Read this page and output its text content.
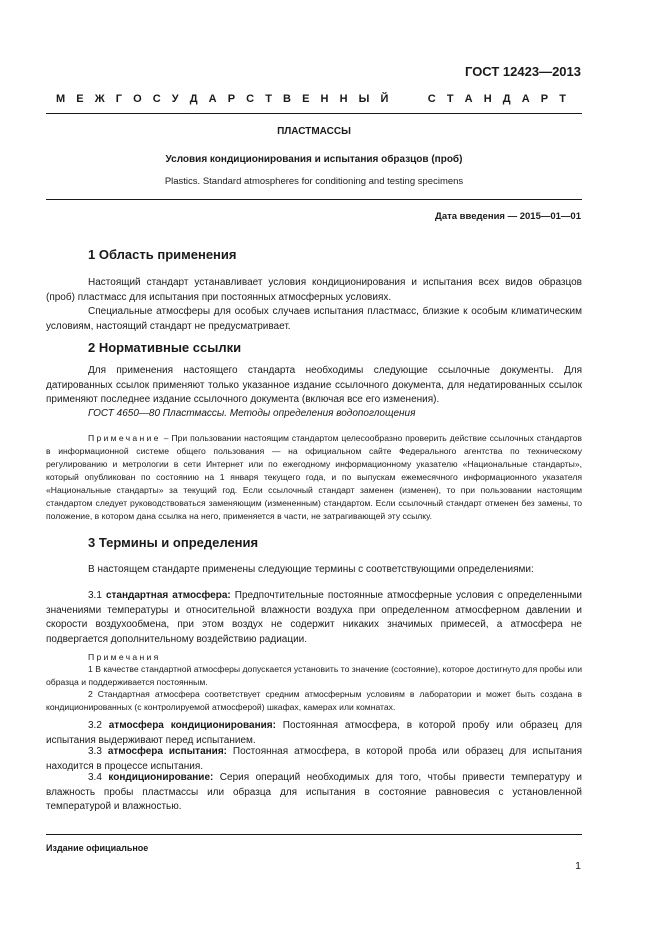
ГОСТ 12423—2013
М Е Ж Г О С У Д А Р С Т В Е Н Н Ы Й

	С Т А Н Д А Р Т
ПЛАСТМАССЫ
Условия кондиционирования и испытания образцов (проб)
Plastics. Standard atmospheres for conditioning and testing specimens
Дата введения — 2015—01—01
1 Область применения
Настоящий стандарт устанавливает условия кондиционирования и испытания всех видов образцов (проб) пластмасс для испытания при постоянных атмосферных условиях.
Специальные атмосферы для особых случаев испытания пластмасс, близкие к особым климатическим условиям, настоящий стандарт не предусматривает.
2 Нормативные ссылки
Для применения настоящего стандарта необходимы следующие ссылочные документы. Для датированных ссылок применяют только указанное издание ссылочного документа, для недатированных ссылок применяют последнее издание ссылочного документа (включая все его изменения).
ГОСТ 4650—80 Пластмассы. Методы определения водопоглощения
Примечание – При пользовании настоящим стандартом целесообразно проверить действие ссылочных стандартов в информационной системе общего пользования — на официальном сайте Федерального агентства по техническому регулированию и метрологии в сети Интернет или по ежегодному информационному указателю «Национальные стандарты», который опубликован по состоянию на 1 января текущего года, и по выпускам ежемесячного информационного указателя «Национальные стандарты» за текущий год. Если ссылочный стандарт заменен (изменен), то при пользовании настоящим стандартом следует руководствоваться заменяющим (измененным) стандартом. Если ссылочный стандарт отменен без замены, то положение, в котором дана ссылка на него, применяется в части, не затрагивающей эту ссылку.
3 Термины и определения
В настоящем стандарте применены следующие термины с соответствующими определениями:
3.1 стандартная атмосфера: Предпочтительные постоянные атмосферные условия с определенными значениями температуры и относительной влажности воздуха при определенном атмосферном давлении и скорости воздухообмена, при этом воздух не содержит никаких значимых примесей, а атмосфера не подвергается дополнительному воздействию радиации.
Примечания
1 В качестве стандартной атмосферы допускается установить то значение (состояние), которое достигнуто для пробы или образца и поддерживается постоянным.
2 Стандартная атмосфера соответствует средним атмосферным условиям в лаборатории и может быть создана в кондиционированных (с контролируемой атмосферой) шкафах, камерах или комнатах.
3.2 атмосфера кондиционирования: Постоянная атмосфера, в которой пробу или образец для испытания выдерживают перед испытанием.
3.3 атмосфера испытания: Постоянная атмосфера, в которой проба или образец для испытания находится в процессе испытания.
3.4 кондиционирование: Серия операций необходимых для того, чтобы привести температуру и влажность пробы пластмассы или образца для испытания в состояние равновесия с установленной температурой и влажностью.
Издание официальное
1
